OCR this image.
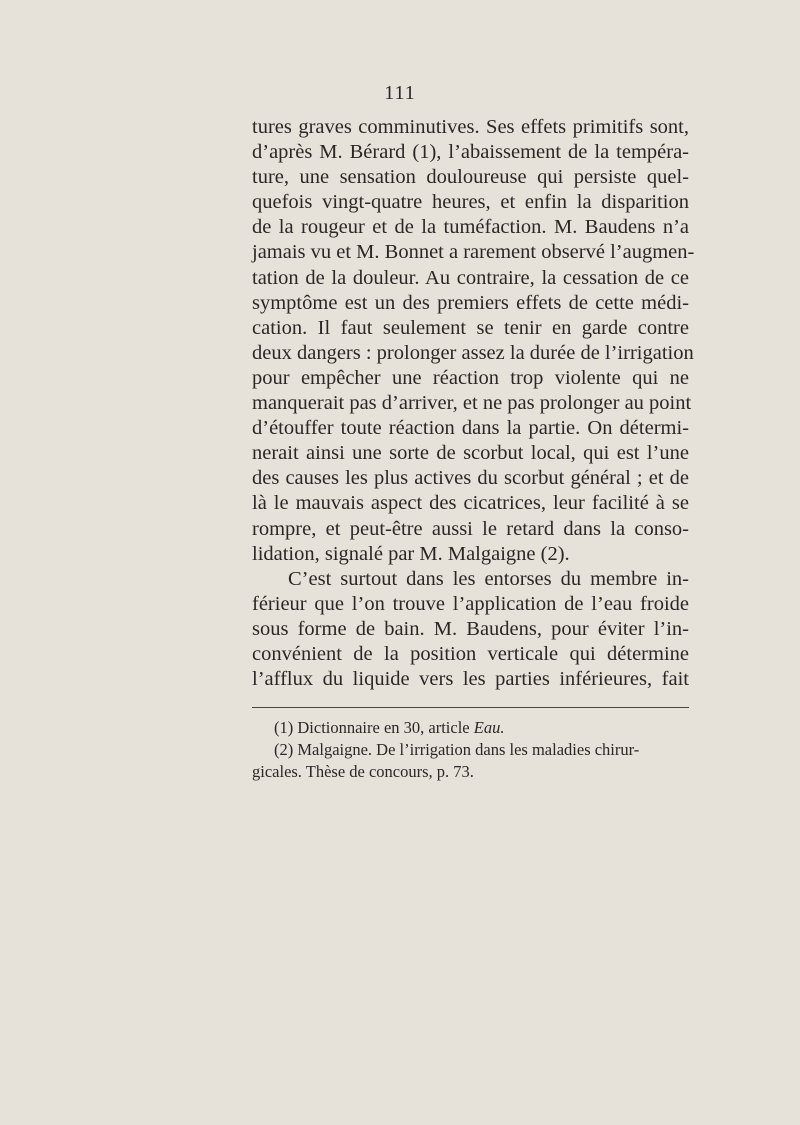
111
tures graves comminutives. Ses effets primitifs sont,
d’après M. Bérard (1), l’abaissement de la tempéra-
ture, une sensation douloureuse qui persiste quel-
quefois vingt-quatre heures, et enfin la disparition
de la rougeur et de la tuméfaction. M. Baudens n’a
jamais vu et M. Bonnet a rarement observé l’augmen-
tation de la douleur. Au contraire, la cessation de ce
symptôme est un des premiers effets de cette médi-
cation. Il faut seulement se tenir en garde contre
deux dangers : prolonger assez la durée de l’irrigation
pour empêcher une réaction trop violente qui ne
manquerait pas d’arriver, et ne pas prolonger au point
d’étouffer toute réaction dans la partie. On détermi-
nerait ainsi une sorte de scorbut local, qui est l’une
des causes les plus actives du scorbut général ; et de
là le mauvais aspect des cicatrices, leur facilité à se
rompre, et peut-être aussi le retard dans la conso-
lidation, signalé par M. Malgaigne (2).
C’est surtout dans les entorses du membre in-
férieur que l’on trouve l’application de l’eau froide
sous forme de bain. M. Baudens, pour éviter l’in-
convénient de la position verticale qui détermine
l’afflux du liquide vers les parties inférieures, fait
(1) Dictionnaire en 30, article Eau.
(2) Malgaigne. De l’irrigation dans les maladies chirur-
gicales. Thèse de concours, p. 73.
